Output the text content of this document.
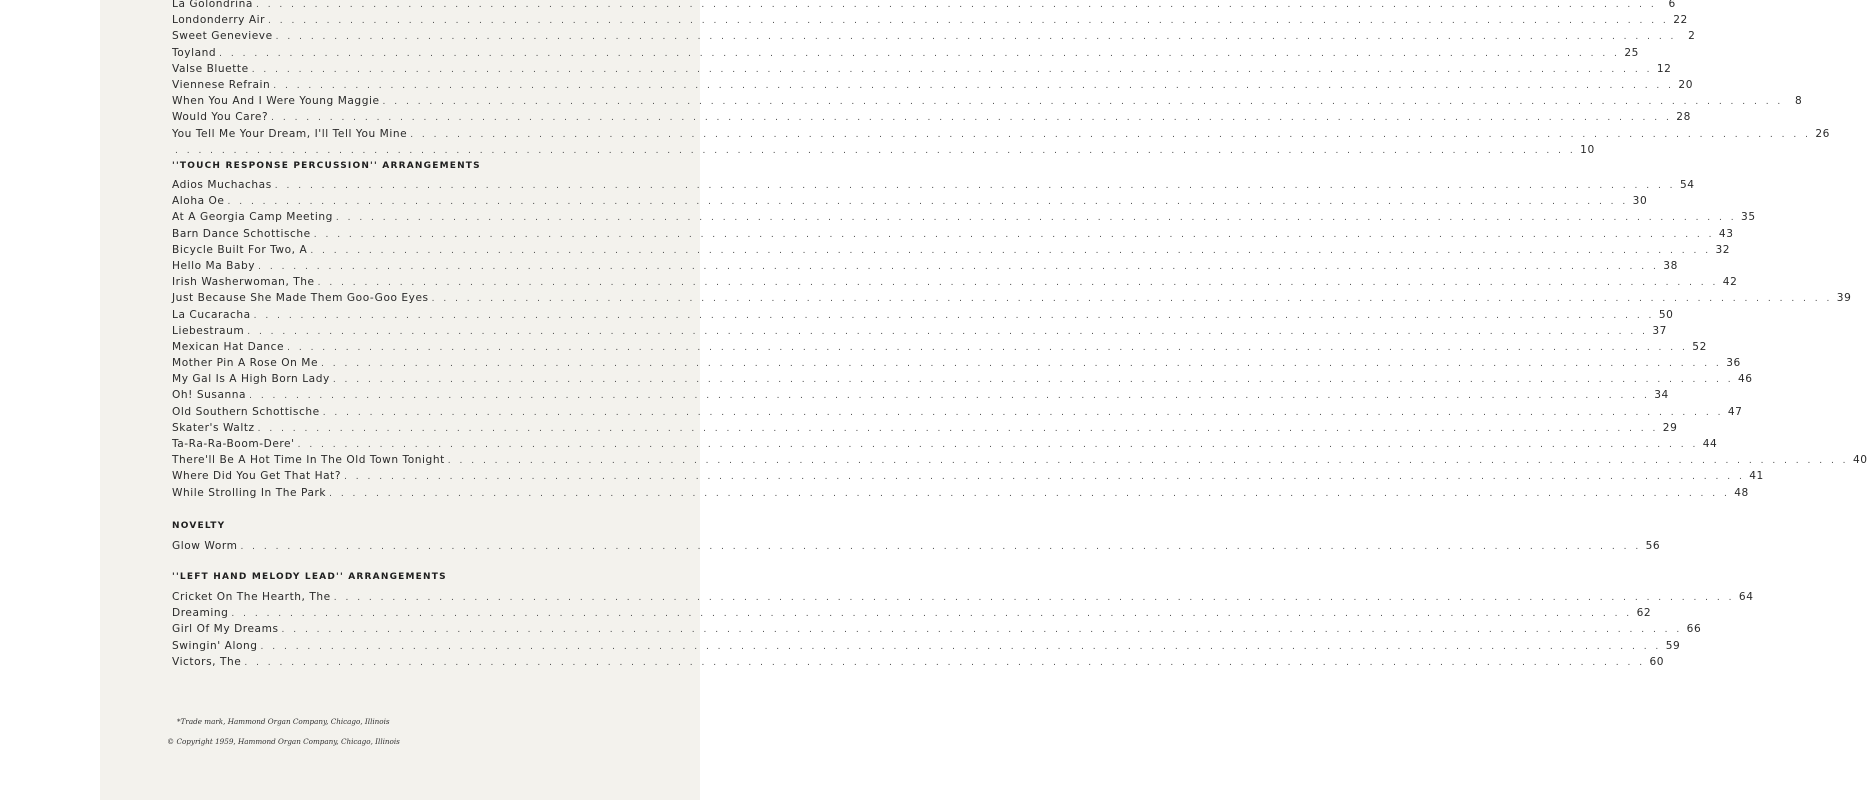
La Golondrina . . . . . . . . . . . . . . . . . . . . . . . . . . . . . . . . . . . . . . . . . . . . . . . . . . . . . . . . . . . . . . . . . . . . . . . . . . . . . . . . . . . . . . . . . . . . . . . . . . . . . . . . . . . . . . . . . . . . . . . .	6
Londonderry Air . . . . . . . . . . . . . . . . . . . . . . . . . . . . . . . . . . . . . . . . . . . . . . . . . . . . . . . . . . . . . . . . . . . . . . . . . . . . . . . . . . . . . . . . . . . . . . . . . . . . . . . . . . . . . . . . . . . . . . . . 22
Sweet Genevieve . . . . . . . . . . . . . . . . . . . . . . . . . . . . . . . . . . . . . . . . . . . . . . . . . . . . . . . . . . . . . . . . . . . . . . . . . . . . . . . . . . . . . . . . . . . . . . . . . . . . . . . . . . . . . . . . . . . . . . . .	2
Toyland . . . . . . . . . . . . . . . . . . . . . . . . . . . . . . . . . . . . . . . . . . . . . . . . . . . . . . . . . . . . . . . . . . . . . . . . . . . . . . . . . . . . . . . . . . . . . . . . . . . . . . . . . . . . . . . . . . . . . . . . 25
Valse Bluette . . . . . . . . . . . . . . . . . . . . . . . . . . . . . . . . . . . . . . . . . . . . . . . . . . . . . . . . . . . . . . . . . . . . . . . . . . . . . . . . . . . . . . . . . . . . . . . . . . . . . . . . . . . . . . . . . . . . . . . . 12
Viennese Refrain . . . . . . . . . . . . . . . . . . . . . . . . . . . . . . . . . . . . . . . . . . . . . . . . . . . . . . . . . . . . . . . . . . . . . . . . . . . . . . . . . . . . . . . . . . . . . . . . . . . . . . . . . . . . . . . . . . . . . . . . 20
When You And I Were Young Maggie . . . . . . . . . . . . . . . . . . . . . . . . . . . . . . . . . . . . . . . . . . . . . . . . . . . . . . . . . . . . . . . . . . . . . . . . . . . . . . . . . . . . . . . . . . . . . . . . . . . . . . . . . . . . . . . . . . . . . . . .	8
Would You Care? . . . . . . . . . . . . . . . . . . . . . . . . . . . . . . . . . . . . . . . . . . . . . . . . . . . . . . . . . . . . . . . . . . . . . . . . . . . . . . . . . . . . . . . . . . . . . . . . . . . . . . . . . . . . . . . . . . . . . . . . 28
You Tell Me Your Dream, I'll Tell You Mine . . . . . . . . . . . . . . . . . . . . . . . . . . . . . . . . . . . . . . . . . . . . . . . . . . . . . . . . . . . . . . . . . . . . . . . . . . . . . . . . . . . . . . . . . . . . . . . . . . . . . . . . . . . . . . . . . . . . . . . . 26
. . . . . . . . . . . . . . . . . . . . . . . . . . . . . . . . . . . . . . . . . . . . . . . . . . . . . . . . . . . . . . . . . . . . . . . . . . . . . . . . . . . . . . . . . . . . . . . . . . . . . . . . . . . . . . . . . . . . . . . . 10
''TOUCH RESPONSE PERCUSSION'' ARRANGEMENTS
Adios Muchachas . . . . . . . . . . . . . . . . . . . . . . . . . . . . . . . . . . . . . . . . . . . . . . . . . . . . . . . . . . . . . . . . . . . . . . . . . . . . . . . . . . . . . . . . . . . . . . . . . . . . . . . . . . . . . . . . . . . . . . . . 54
Aloha Oe . . . . . . . . . . . . . . . . . . . . . . . . . . . . . . . . . . . . . . . . . . . . . . . . . . . . . . . . . . . . . . . . . . . . . . . . . . . . . . . . . . . . . . . . . . . . . . . . . . . . . . . . . . . . . . . . . . . . . . . . 30
At A Georgia Camp Meeting . . . . . . . . . . . . . . . . . . . . . . . . . . . . . . . . . . . . . . . . . . . . . . . . . . . . . . . . . . . . . . . . . . . . . . . . . . . . . . . . . . . . . . . . . . . . . . . . . . . . . . . . . . . . . . . . . . . . . . . . 35
Barn Dance Schottische . . . . . . . . . . . . . . . . . . . . . . . . . . . . . . . . . . . . . . . . . . . . . . . . . . . . . . . . . . . . . . . . . . . . . . . . . . . . . . . . . . . . . . . . . . . . . . . . . . . . . . . . . . . . . . . . . . . . . . . . 43
Bicycle Built For Two, A . . . . . . . . . . . . . . . . . . . . . . . . . . . . . . . . . . . . . . . . . . . . . . . . . . . . . . . . . . . . . . . . . . . . . . . . . . . . . . . . . . . . . . . . . . . . . . . . . . . . . . . . . . . . . . . . . . . . . . . . 32
Hello Ma Baby . . . . . . . . . . . . . . . . . . . . . . . . . . . . . . . . . . . . . . . . . . . . . . . . . . . . . . . . . . . . . . . . . . . . . . . . . . . . . . . . . . . . . . . . . . . . . . . . . . . . . . . . . . . . . . . . . . . . . . . . 38
Irish Washerwoman, The . . . . . . . . . . . . . . . . . . . . . . . . . . . . . . . . . . . . . . . . . . . . . . . . . . . . . . . . . . . . . . . . . . . . . . . . . . . . . . . . . . . . . . . . . . . . . . . . . . . . . . . . . . . . . . . . . . . . . . . . 42
Just Because She Made Them Goo-Goo Eyes . . . . . . . . . . . . . . . . . . . . . . . . . . . . . . . . . . . . . . . . . . . . . . . . . . . . . . . . . . . . . . . . . . . . . . . . . . . . . . . . . . . . . . . . . . . . . . . . . . . . . . . . . . . . . . . . . . . . . . . . 39
La Cucaracha . . . . . . . . . . . . . . . . . . . . . . . . . . . . . . . . . . . . . . . . . . . . . . . . . . . . . . . . . . . . . . . . . . . . . . . . . . . . . . . . . . . . . . . . . . . . . . . . . . . . . . . . . . . . . . . . . . . . . . . . 50
Liebestraum . . . . . . . . . . . . . . . . . . . . . . . . . . . . . . . . . . . . . . . . . . . . . . . . . . . . . . . . . . . . . . . . . . . . . . . . . . . . . . . . . . . . . . . . . . . . . . . . . . . . . . . . . . . . . . . . . . . . . . . . 37
Mexican Hat Dance . . . . . . . . . . . . . . . . . . . . . . . . . . . . . . . . . . . . . . . . . . . . . . . . . . . . . . . . . . . . . . . . . . . . . . . . . . . . . . . . . . . . . . . . . . . . . . . . . . . . . . . . . . . . . . . . . . . . . . . . 52
Mother Pin A Rose On Me . . . . . . . . . . . . . . . . . . . . . . . . . . . . . . . . . . . . . . . . . . . . . . . . . . . . . . . . . . . . . . . . . . . . . . . . . . . . . . . . . . . . . . . . . . . . . . . . . . . . . . . . . . . . . . . . . . . . . . . . 36
My Gal Is A High Born Lady . . . . . . . . . . . . . . . . . . . . . . . . . . . . . . . . . . . . . . . . . . . . . . . . . . . . . . . . . . . . . . . . . . . . . . . . . . . . . . . . . . . . . . . . . . . . . . . . . . . . . . . . . . . . . . . . . . . . . . . . 46
Oh! Susanna . . . . . . . . . . . . . . . . . . . . . . . . . . . . . . . . . . . . . . . . . . . . . . . . . . . . . . . . . . . . . . . . . . . . . . . . . . . . . . . . . . . . . . . . . . . . . . . . . . . . . . . . . . . . . . . . . . . . . . . . 34
Old Southern Schottische . . . . . . . . . . . . . . . . . . . . . . . . . . . . . . . . . . . . . . . . . . . . . . . . . . . . . . . . . . . . . . . . . . . . . . . . . . . . . . . . . . . . . . . . . . . . . . . . . . . . . . . . . . . . . . . . . . . . . . . . 47
Skater's Waltz . . . . . . . . . . . . . . . . . . . . . . . . . . . . . . . . . . . . . . . . . . . . . . . . . . . . . . . . . . . . . . . . . . . . . . . . . . . . . . . . . . . . . . . . . . . . . . . . . . . . . . . . . . . . . . . . . . . . . . . . 29
Ta-Ra-Ra-Boom-Dere' . . . . . . . . . . . . . . . . . . . . . . . . . . . . . . . . . . . . . . . . . . . . . . . . . . . . . . . . . . . . . . . . . . . . . . . . . . . . . . . . . . . . . . . . . . . . . . . . . . . . . . . . . . . . . . . . . . . . . . . . 44
There'll Be A Hot Time In The Old Town Tonight . . . . . . . . . . . . . . . . . . . . . . . . . . . . . . . . . . . . . . . . . . . . . . . . . . . . . . . . . . . . . . . . . . . . . . . . . . . . . . . . . . . . . . . . . . . . . . . . . . . . . . . . . . . . . . . . . . . . . . . . 40
Where Did You Get That Hat? . . . . . . . . . . . . . . . . . . . . . . . . . . . . . . . . . . . . . . . . . . . . . . . . . . . . . . . . . . . . . . . . . . . . . . . . . . . . . . . . . . . . . . . . . . . . . . . . . . . . . . . . . . . . . . . . . . . . . . . . 41
While Strolling In The Park . . . . . . . . . . . . . . . . . . . . . . . . . . . . . . . . . . . . . . . . . . . . . . . . . . . . . . . . . . . . . . . . . . . . . . . . . . . . . . . . . . . . . . . . . . . . . . . . . . . . . . . . . . . . . . . . . . . . . . . . 48
NOVELTY
Glow Worm . . . . . . . . . . . . . . . . . . . . . . . . . . . . . . . . . . . . . . . . . . . . . . . . . . . . . . . . . . . . . . . . . . . . . . . . . . . . . . . . . . . . . . . . . . . . . . . . . . . . . . . . . . . . . . . . . . . . . . . . 56
''LEFT HAND MELODY LEAD'' ARRANGEMENTS
Cricket On The Hearth, The . . . . . . . . . . . . . . . . . . . . . . . . . . . . . . . . . . . . . . . . . . . . . . . . . . . . . . . . . . . . . . . . . . . . . . . . . . . . . . . . . . . . . . . . . . . . . . . . . . . . . . . . . . . . . . . . . . . . . . . . 64
Dreaming . . . . . . . . . . . . . . . . . . . . . . . . . . . . . . . . . . . . . . . . . . . . . . . . . . . . . . . . . . . . . . . . . . . . . . . . . . . . . . . . . . . . . . . . . . . . . . . . . . . . . . . . . . . . . . . . . . . . . . . . 62
Girl Of My Dreams . . . . . . . . . . . . . . . . . . . . . . . . . . . . . . . . . . . . . . . . . . . . . . . . . . . . . . . . . . . . . . . . . . . . . . . . . . . . . . . . . . . . . . . . . . . . . . . . . . . . . . . . . . . . . . . . . . . . . . . . 66
Swingin' Along . . . . . . . . . . . . . . . . . . . . . . . . . . . . . . . . . . . . . . . . . . . . . . . . . . . . . . . . . . . . . . . . . . . . . . . . . . . . . . . . . . . . . . . . . . . . . . . . . . . . . . . . . . . . . . . . . . . . . . . . 59
Victors, The . . . . . . . . . . . . . . . . . . . . . . . . . . . . . . . . . . . . . . . . . . . . . . . . . . . . . . . . . . . . . . . . . . . . . . . . . . . . . . . . . . . . . . . . . . . . . . . . . . . . . . . . . . . . . . . . . . . . . . . . 60
*Trade mark, Hammond Organ Company, Chicago, Illinois
© Copyright 1959, Hammond Organ Company, Chicago, Illinois
